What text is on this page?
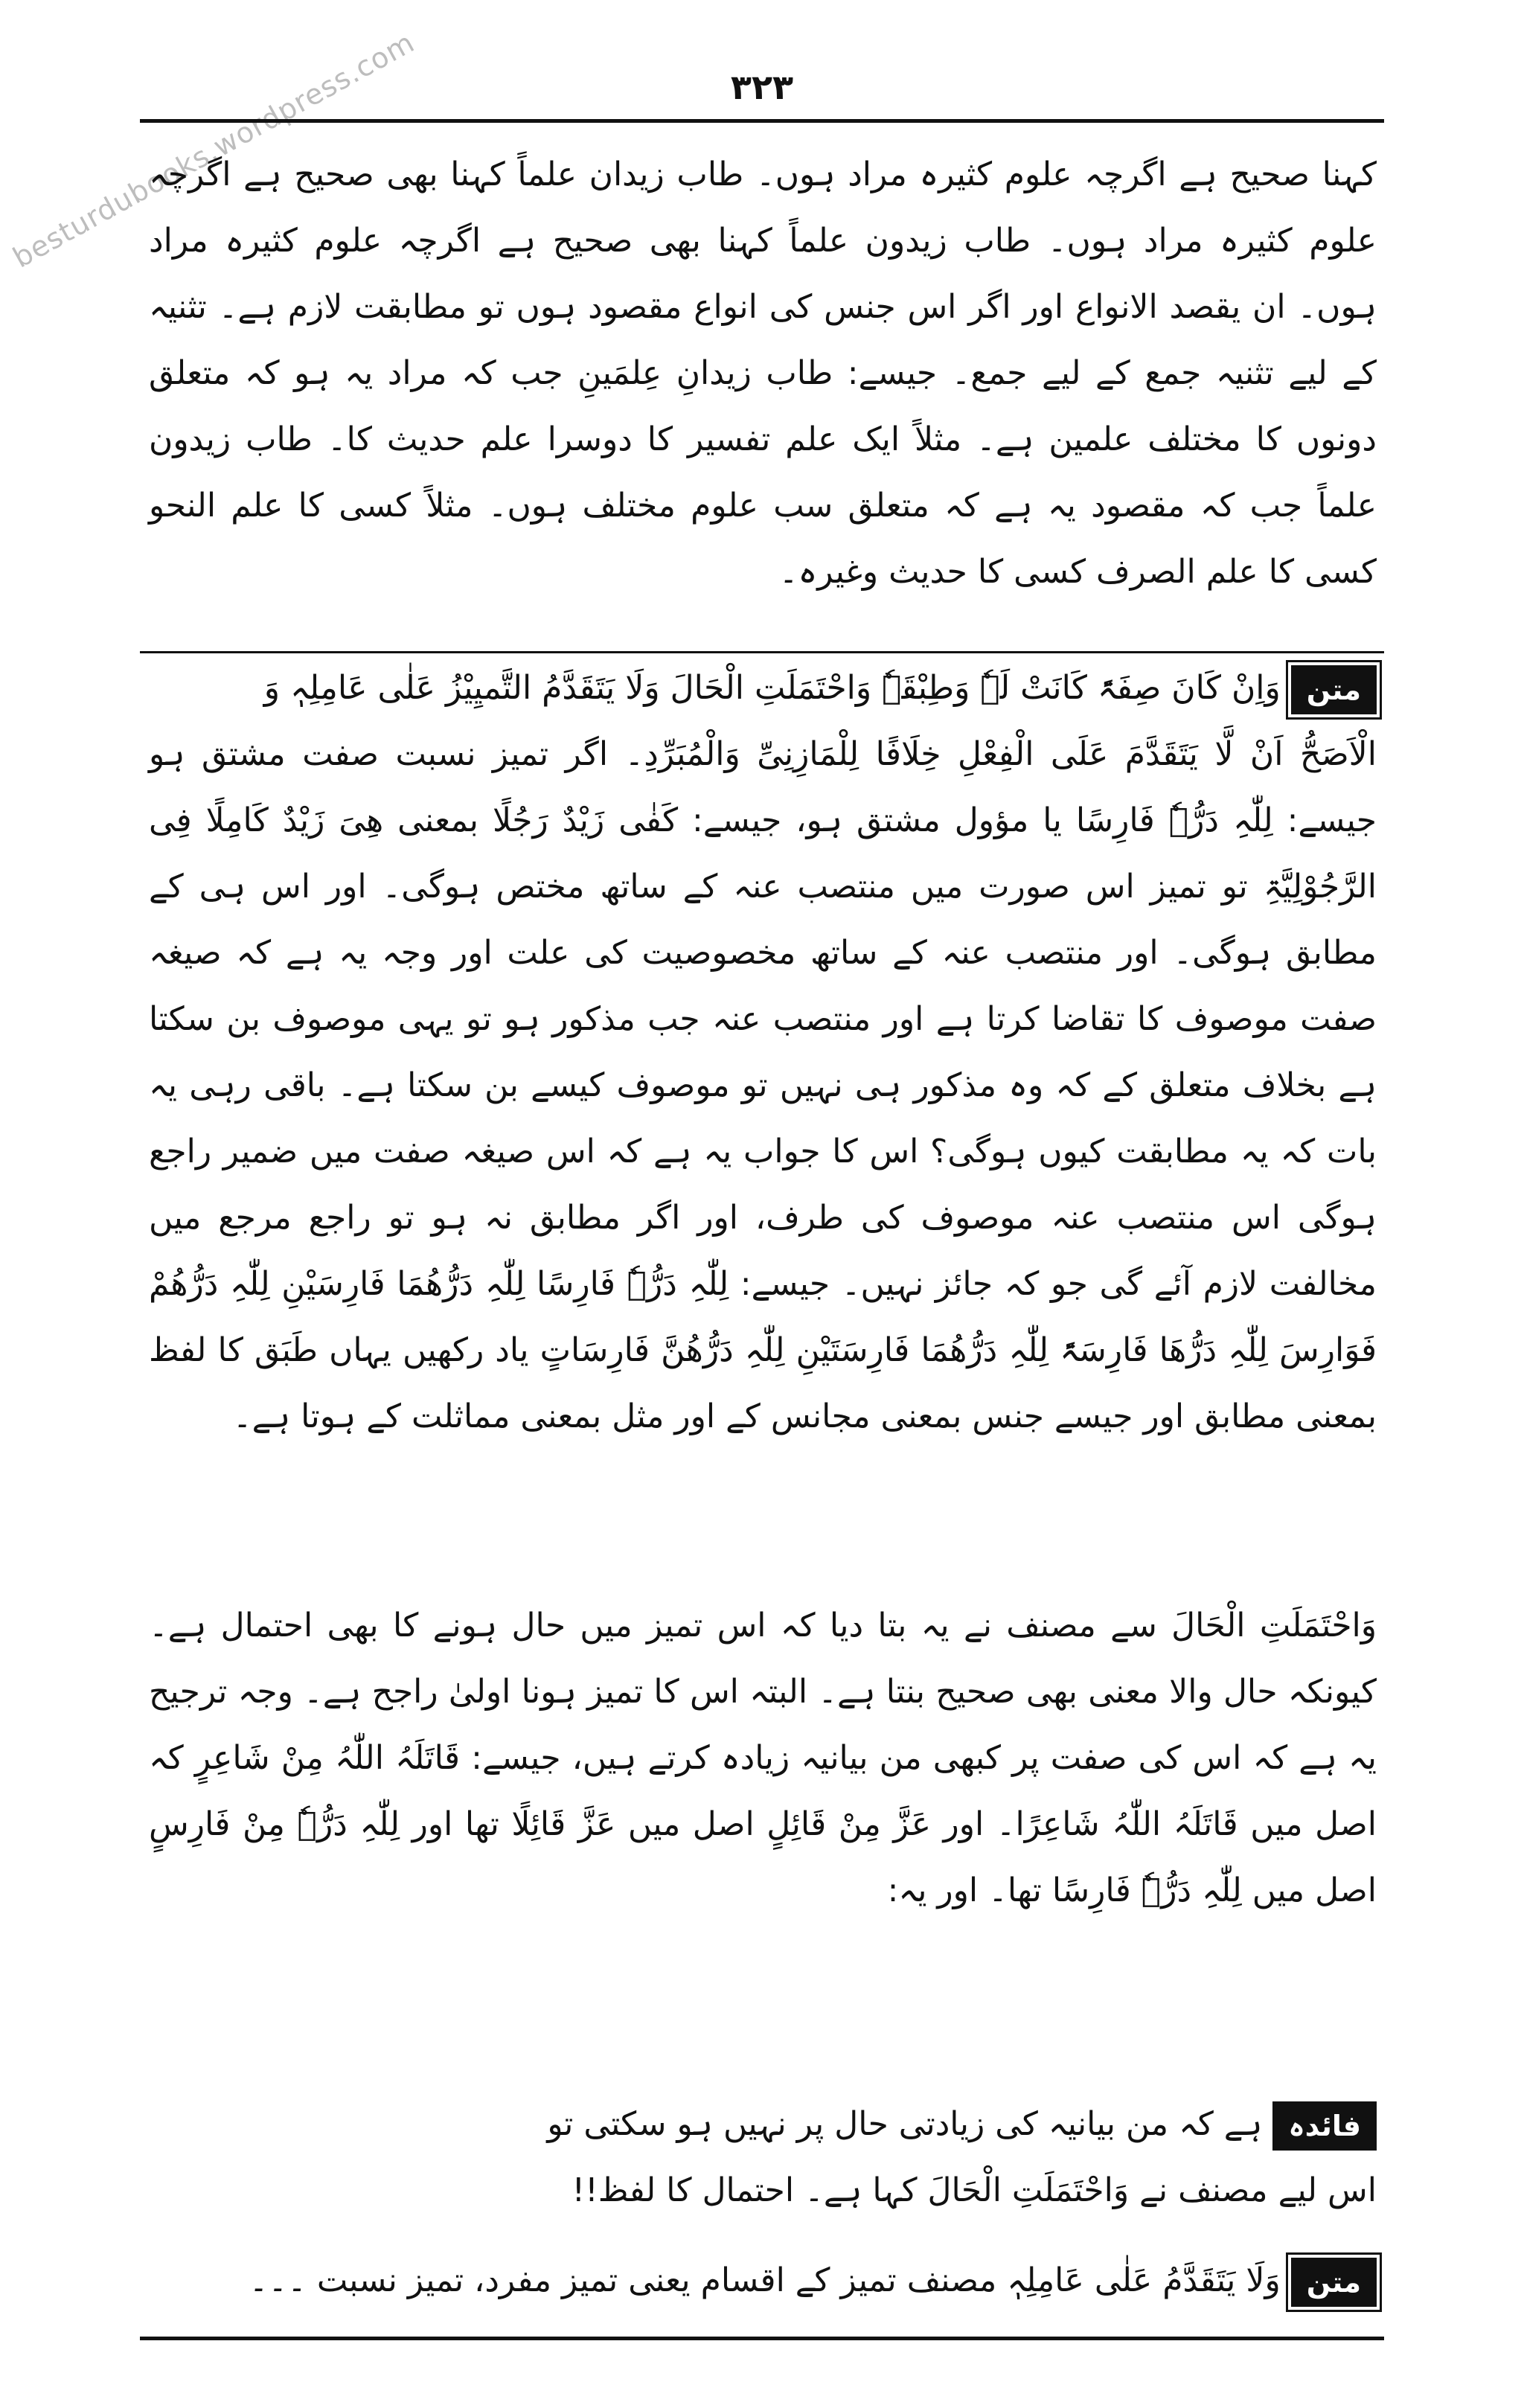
besturdubooks.wordpress.com	۳۲۳

کہنا صحیح ہے اگرچہ علوم کثیرہ مراد ہوں۔ طاب زیدان علماً کہنا بھی صحیح ہے اگرچہ علوم کثیرہ مراد ہوں۔ طاب زیدون علماً کہنا بھی صحیح ہے اگرچہ علوم کثیرہ مراد ہوں۔ ان یقصد الانواع اور اگر اس جنس کی انواع مقصود ہوں تو مطابقت لازم ہے۔ تثنیہ کے لیے تثنیہ جمع کے لیے جمع۔ جیسے: طاب زیدانِ عِلمَینِ جب کہ مراد یہ ہو کہ متعلق دونوں کا مختلف علمین ہے۔ مثلاً ایک علم تفسیر کا دوسرا علم حدیث کا۔ طاب زیدون علماً جب کہ مقصود یہ ہے کہ متعلق سب علوم مختلف ہوں۔ مثلاً کسی کا علم النحو کسی کا علم الصرف کسی کا حدیث وغیرہ۔

متنوَاِنْ کَانَ صِفَۃً کَانَتْ لَہٗ وَطِبْقَہٗ وَاحْتَمَلَتِ الْحَالَ وَلَا یَتَقَدَّمُ التَّمیِیْزُ عَلٰی عَامِلِہٖ وَ

الْاَصَحُّ اَنْ لَّا یَتَقَدَّمَ عَلَی الْفِعْلِ خِلَافًا لِلْمَازِنِیِّ وَالْمُبَرِّدِ۔ اگر تمیز نسبت صفت مشتق ہو جیسے: لِلّٰہِ دَرُّہٗ فَارِسًا یا مؤول مشتق ہو، جیسے: کَفٰی زَیْدٌ رَجُلًا بمعنی ھِیَ زَیْدٌ کَامِلًا فِی الرَّجُوْلِیَّۃِ تو تمیز اس صورت میں منتصب عنہ کے ساتھ مختص ہوگی۔ اور اس ہی کے مطابق ہوگی۔ اور منتصب عنہ کے ساتھ مخصوصیت کی علت اور وجہ یہ ہے کہ صیغہ صفت موصوف کا تقاضا کرتا ہے اور منتصب عنہ جب مذکور ہو تو یہی موصوف بن سکتا ہے بخلاف متعلق کے کہ وہ مذکور ہی نہیں تو موصوف کیسے بن سکتا ہے۔ باقی رہی یہ بات کہ یہ مطابقت کیوں ہوگی؟ اس کا جواب یہ ہے کہ اس صیغہ صفت میں ضمیر راجع ہوگی اس منتصب عنہ موصوف کی طرف، اور اگر مطابق نہ ہو تو راجع مرجع میں مخالفت لازم آئے گی جو کہ جائز نہیں۔ جیسے: لِلّٰہِ دَرُّہٗ فَارِسًا لِلّٰہِ دَرُّھُمَا فَارِسَیْنِ لِلّٰہِ دَرُّھُمْ فَوَارِسَ لِلّٰہِ دَرُّھَا فَارِسَۃً لِلّٰہِ دَرُّھُمَا فَارِسَتَیْنِ لِلّٰہِ دَرُّھُنَّ فَارِسَاتٍ یاد رکھیں یہاں طَبَق کا لفظ بمعنی مطابق اور جیسے جنس بمعنی مجانس کے اور مثل بمعنی مماثلت کے ہوتا ہے۔

وَاحْتَمَلَتِ الْحَالَ سے مصنف نے یہ بتا دیا کہ اس تمیز میں حال ہونے کا بھی احتمال ہے۔ کیونکہ حال والا معنی بھی صحیح بنتا ہے۔ البتہ اس کا تمیز ہونا اولیٰ راجح ہے۔ وجہ ترجیح یہ ہے کہ اس کی صفت پر کبھی من بیانیہ زیادہ کرتے ہیں، جیسے: قَاتَلَہُ اللّٰہُ مِنْ شَاعِرٍ کہ اصل میں قَاتَلَہُ اللّٰہُ شَاعِرًا۔ اور عَزَّ مِنْ قَائِلٍ اصل میں عَزَّ قَائِلًا تھا اور لِلّٰہِ دَرُّہٗ مِنْ فَارِسٍ اصل میں لِلّٰہِ دَرُّہٗ فَارِسًا تھا۔ اور یہ:

فائدہہے کہ من بیانیہ کی زیادتی حال پر نہیں ہو سکتی تو

اس لیے مصنف نے وَاحْتَمَلَتِ الْحَالَ کہا ہے۔ احتمال کا لفظ!!

متنوَلَا یَتَقَدَّمُ عَلٰی عَامِلِہٖ مصنف تمیز کے اقسام یعنی تمیز مفرد، تمیز نسبت ۔۔۔
